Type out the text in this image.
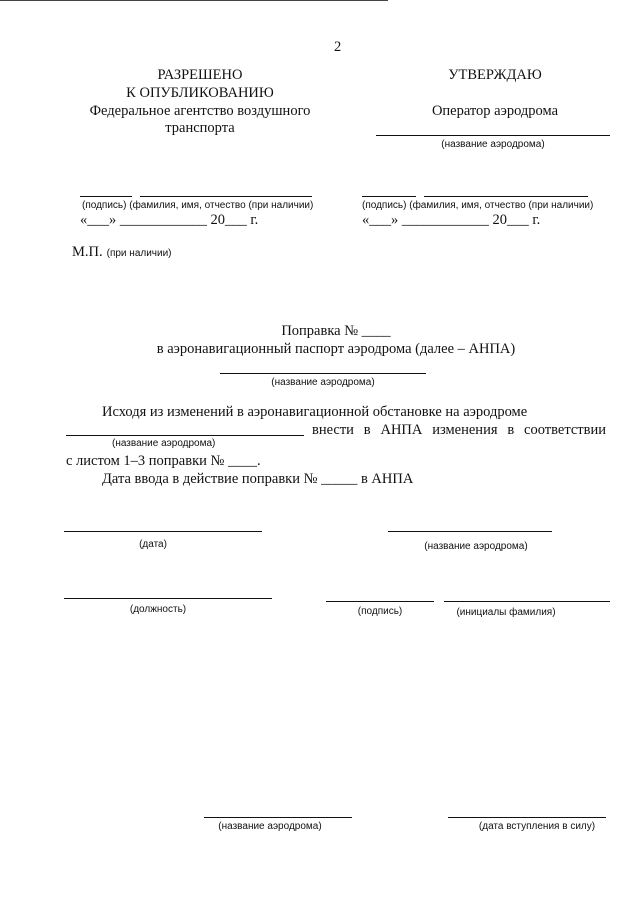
2
РАЗРЕШЕНО
К ОПУБЛИКОВАНИЮ
Федеральное агентство воздушного
транспорта
(подпись) (фамилия, имя, отчество (при наличии)
«___» ____________ 20___ г.
УТВЕРЖДАЮ
Оператор аэродрома
(название аэродрома)
(подпись) (фамилия, имя, отчество (при наличии)
«___» ____________ 20___ г.
М.П. (при наличии)
Поправка № ____
в аэронавигационный паспорт аэродрома (далее – АНПА)
(название аэродрома)
Исходя из изменений в аэронавигационной обстановке на аэродроме
внести в АНПА изменения в соответствии
(название аэродрома)
с листом 1–3 поправки № ____.
Дата ввода в действие поправки № _____ в АНПА
(дата)	(название аэродрома)
(должность)	(подпись)	(инициалы фамилия)
(название аэродрома)	(дата вступления в силу)
